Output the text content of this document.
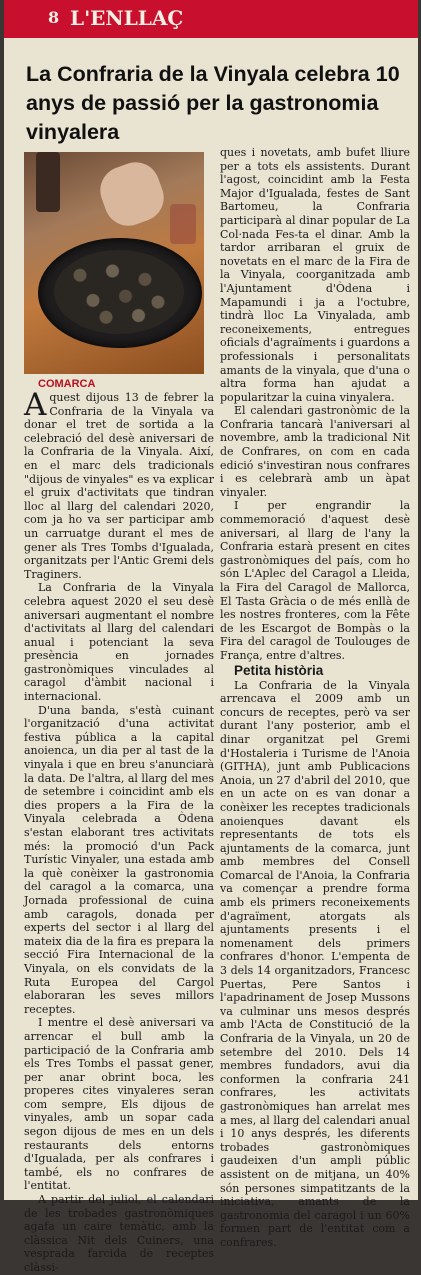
8 L'ENLLAÇ
La Confraria de la Vinyala celebra 10 anys de passió per la gastronomia vinyalera

COMARCA

Aquest dijous 13 de febrer la Confraria de la Vinyala va donar el tret de sortida a la celebració del desè aniversari de la Confraria de la Vinyala. Així, en el marc dels tradicionals "dijous de vinyales" es va explicar el gruix d'activitats que tindran lloc al llarg del calendari 2020, com ja ho va ser participar amb un carruatge durant el mes de gener als Tres Tombs d'Igualada, organitzats per l'Antic Gremi dels Traginers.

La Confraria de la Vinyala celebra aquest 2020 el seu desè aniversari augmentant el nombre d'activitats al llarg del calendari anual i potenciant la seva presència en jornades gastronòmiques vinculades al caragol d'àmbit nacional i internacional.

D'una banda, s'està cuinant l'organització d'una activitat festiva pública a la capital anoienca, un dia per al tast de la vinyala i que en breu s'anunciarà la data. De l'altra, al llarg del mes de setembre i coincidint amb els dies propers a la Fira de la Vinyala celebrada a Òdena s'estan elaborant tres activitats més: la promoció d'un Pack Turístic Vinyaler, una estada amb la què conèixer la gastronomia del caragol a la comarca, una Jornada professional de cuina amb caragols, donada per experts del sector i al llarg del mateix dia de la fira es prepara la secció Fira Internacional de la Vinyala, on els convidats de la Ruta Europea del Cargol elaboraran les seves millors receptes.

I mentre el desè aniversari va arrencar el bull amb la participació de la Confraria amb els Tres Tombs el passat gener, per anar obrint boca, les properes cites vinyaleres seran com sempre, Els dijous de vinyales, amb un sopar cada segon dijous de mes en un dels restaurants dels entorns d'Igualada, per als confrares i també, els no confrares de l'entitat.

A partir del juliol, el calendari de les trobades gastronòmiques agafa un caire temàtic, amb la clàssica Nit dels Cuiners, una vesprada farcida de receptes clàssi-

ques i novetats, amb bufet lliure per a tots els assistents. Durant l'agost, coincidint amb la Festa Major d'Igualada, festes de Sant Bartomeu, la Confraria participarà al dinar popular de La Col·nada Fes-ta el dinar. Amb la tardor arribaran el gruix de novetats en el marc de la Fira de la Vinyala, coorganitzada amb l'Ajuntament d'Òdena i Mapamundi i ja a l'octubre, tindrà lloc La Vinyalada, amb reconeixements, entregues oficials d'agraïments i guardons a professionals i personalitats amants de la vinyala, que d'una o altra forma han ajudat a popularitzar la cuina vinyalera.

El calendari gastronòmic de la Confraria tancarà l'aniversari al novembre, amb la tradicional Nit de Confrares, on com en cada edició s'investiran nous confrares i es celebrarà amb un àpat vinyaler.

I per engrandir la commemoració d'aquest desè aniversari, al llarg de l'any la Confraria estarà present en cites gastronòmiques del país, com ho són L'Aplec del Caragol a Lleida, la Fira del Caragol de Mallorca, El Tasta Gràcia o de més enllà de les nostres fronteres, com la Fête de les Escargot de Bompàs o la Fira del caragol de Toulouges de França, entre d'altres.

Petita història

La Confraria de la Vinyala arrencava el 2009 amb un concurs de receptes, però va ser durant l'any posterior, amb el dinar organitzat pel Gremi d'Hostaleria i Turisme de l'Anoia (GITHA), junt amb Publicacions Anoia, un 27 d'abril del 2010, que en un acte on es van donar a conèixer les receptes tradicionals anoienques davant els representants de tots els ajuntaments de la comarca, junt amb membres del Consell Comarcal de l'Anoia, la Confraria va començar a prendre forma amb els primers reconeixements d'agraïment, atorgats als ajuntaments presents i el nomenament dels primers confrares d'honor. L'empenta de 3 dels 14 organitzadors, Francesc Puertas, Pere Santos i l'apadrinament de Josep Mussons va culminar uns mesos després amb l'Acta de Constitució de la Confraria de la Vinyala, un 20 de setembre del 2010. Dels 14 membres fundadors, avui dia conformen la confraria 241 confrares, les activitats gastronòmiques han arrelat mes a mes, al llarg del calendari anual i 10 anys després, les diferents trobades gastronòmiques gaudeixen d'un ampli públic assistent on de mitjana, un 40% són persones simpatitzants de la iniciativa, amants de la gastronomia del caragol i un 60% formen part de l'entitat com a confrares.
